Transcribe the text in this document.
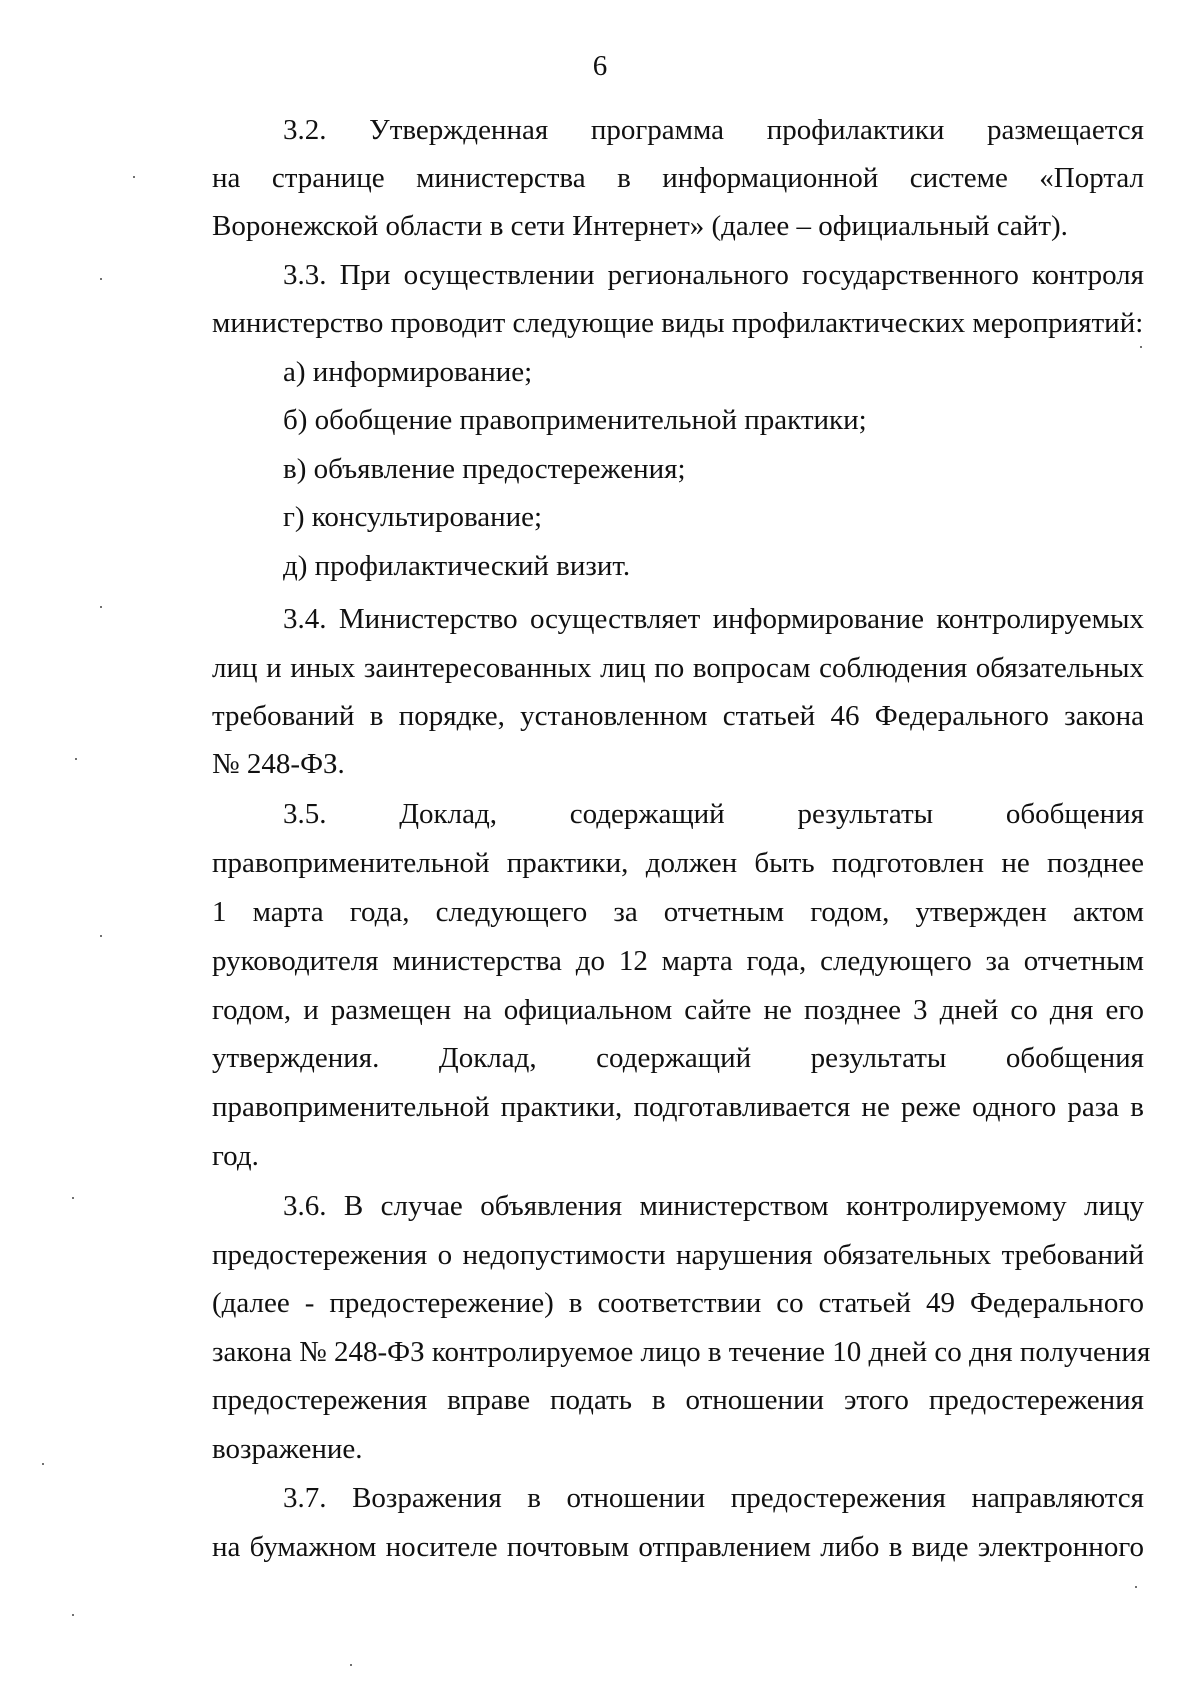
6
3.2. Утвержденная программа профилактики размещается
на странице министерства в информационной системе «Портал
Воронежской области в сети Интернет» (далее – официальный сайт).
3.3. При осуществлении регионального государственного контроля
министерство проводит следующие виды профилактических мероприятий:
а) информирование;
б) обобщение правоприменительной практики;
в) объявление предостережения;
г) консультирование;
д) профилактический визит.
3.4. Министерство осуществляет информирование контролируемых
лиц и иных заинтересованных лиц по вопросам соблюдения обязательных
требований в порядке, установленном статьей 46 Федерального закона
№ 248-ФЗ.
3.5. Доклад, содержащий результаты обобщения
правоприменительной практики, должен быть подготовлен не позднее
1 марта года, следующего за отчетным годом, утвержден актом
руководителя министерства до 12 марта года, следующего за отчетным
годом, и размещен на официальном сайте не позднее 3 дней со дня его
утверждения. Доклад, содержащий результаты обобщения
правоприменительной практики, подготавливается не реже одного раза в
год.
3.6. В случае объявления министерством контролируемому лицу
предостережения о недопустимости нарушения обязательных требований
(далее - предостережение) в соответствии со статьей 49 Федерального
закона № 248-ФЗ контролируемое лицо в течение 10 дней со дня получения
предостережения вправе подать в отношении этого предостережения
возражение.
3.7. Возражения в отношении предостережения направляются
на бумажном носителе почтовым отправлением либо в виде электронного
